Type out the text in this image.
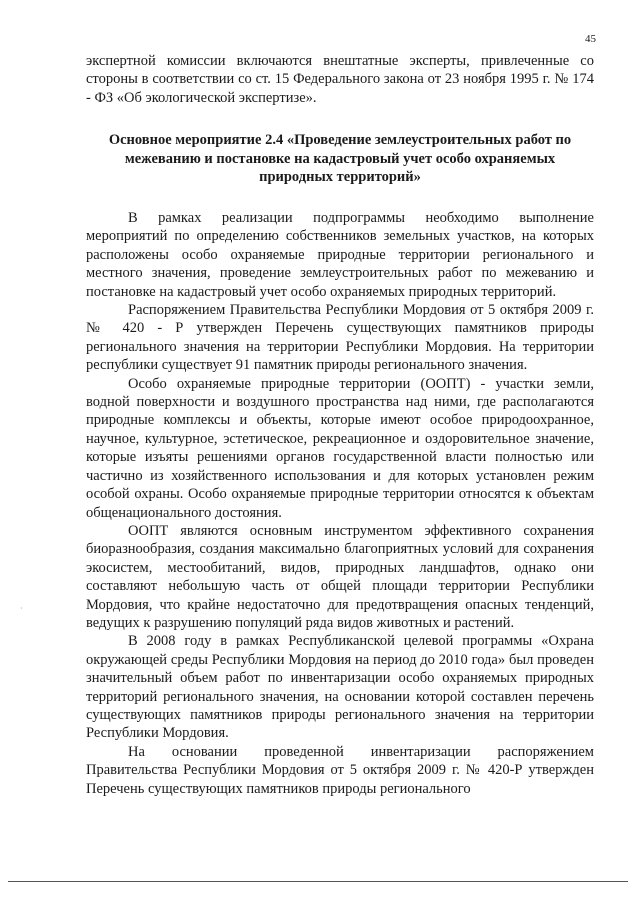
45

экспертной комиссии включаются внештатные эксперты, привлеченные со стороны в соответствии со ст. 15 Федерального закона от 23 ноября 1995 г. № 174 - ФЗ «Об экологической экспертизе».

Основное мероприятие 2.4 «Проведение землеустроительных работ по межеванию и постановке на кадастровый учет особо охраняемых природных территорий»

В рамках реализации подпрограммы необходимо выполнение мероприятий по определению собственников земельных участков, на которых расположены особо охраняемые природные территории регионального и местного значения, проведение землеустроительных работ по межеванию и постановке на кадастровый учет особо охраняемых природных территорий.

Распоряжением Правительства Республики Мордовия от 5 октября 2009 г. № 420 - Р утвержден Перечень существующих памятников природы регионального значения на территории Республики Мордовия. На территории республики существует 91 памятник природы регионального значения.

Особо охраняемые природные территории (ООПТ) - участки земли, водной поверхности и воздушного пространства над ними, где располагаются природные комплексы и объекты, которые имеют особое природоохранное, научное, культурное, эстетическое, рекреационное и оздоровительное значение, которые изъяты решениями органов государственной власти полностью или частично из хозяйственного использования и для которых установлен режим особой охраны. Особо охраняемые природные территории относятся к объектам общенационального достояния.

ООПТ являются основным инструментом эффективного сохранения биоразнообразия, создания максимально благоприятных условий для сохранения экосистем, местообитаний, видов, природных ландшафтов, однако они составляют небольшую часть от общей площади территории Республики Мордовия, что крайне недостаточно для предотвращения опасных тенденций, ведущих к разрушению популяций ряда видов животных и растений.

В 2008 году в рамках Республиканской целевой программы «Охрана окружающей среды Республики Мордовия на период до 2010 года» был проведен значительный объем работ по инвентаризации особо охраняемых природных территорий регионального значения, на основании которой составлен перечень существующих памятников природы регионального значения на территории Республики Мордовия.

На основании проведенной инвентаризации распоряжением Правительства Республики Мордовия от 5 октября 2009 г. № 420-Р утвержден Перечень существующих памятников природы регионального

·
